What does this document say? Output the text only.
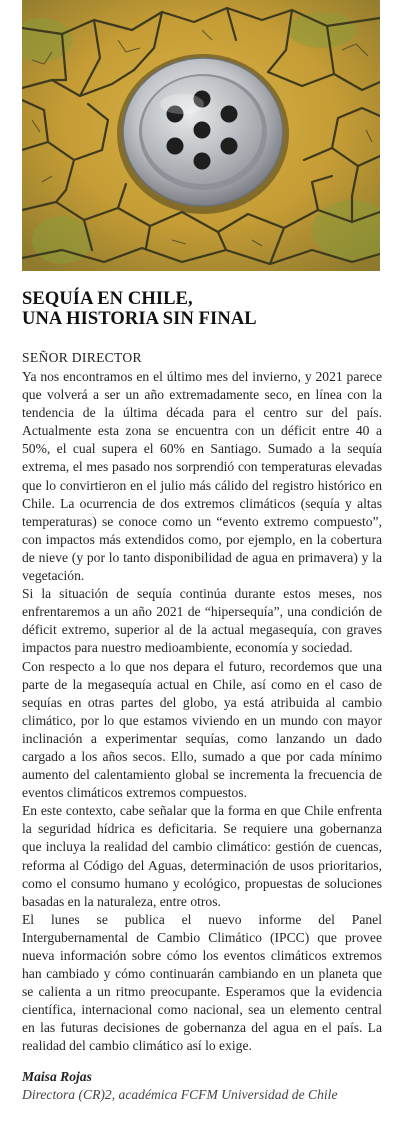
SEQUÍA EN CHILE,
UNA HISTORIA SIN FINAL
SEÑOR DIRECTOR

Ya nos encontramos en el último mes del invierno, y 2021 parece que volverá a ser un año extremadamente seco, en línea con la tendencia de la última década para el centro sur del país. Actualmente esta zona se encuentra con un déficit entre 40 a 50%, el cual supera el 60% en Santiago. Sumado a la sequía extrema, el mes pasado nos sorprendió con temperaturas elevadas que lo convirtieron en el julio más cálido del registro histórico en Chile. La ocurrencia de dos extremos climáticos (sequía y altas temperaturas) se conoce como un “evento extremo compuesto”, con impactos más extendidos como, por ejemplo, en la cobertura de nieve (y por lo tanto disponibilidad de agua en primavera) y la vegetación.

Si la situación de sequía continúa durante estos meses, nos enfrentaremos a un año 2021 de “hipersequía”, una condición de déficit extremo, superior al de la actual megasequía, con graves impactos para nuestro medioambiente, economía y sociedad.

Con respecto a lo que nos depara el futuro, recordemos que una parte de la megasequía actual en Chile, así como en el caso de sequías en otras partes del globo, ya está atribuida al cambio climático, por lo que estamos viviendo en un mundo con mayor inclinación a experimentar sequías, como lanzando un dado cargado a los años secos. Ello, sumado a que por cada mínimo aumento del calentamiento global se incrementa la frecuencia de eventos climáticos extremos compuestos.

En este contexto, cabe señalar que la forma en que Chile enfrenta la seguridad hídrica es deficitaria. Se requiere una gobernanza que incluya la realidad del cambio climático: gestión de cuencas, reforma al Código del Aguas, determinación de usos prioritarios, como el consumo humano y ecológico, propuestas de soluciones basadas en la naturaleza, entre otros.

El lunes se publica el nuevo informe del Panel Intergubernamental de Cambio Climático (IPCC) que provee nueva información sobre cómo los eventos climáticos extremos han cambiado y cómo continuarán cambiando en un planeta que se calienta a un ritmo preocupante. Esperamos que la evidencia científica, internacional como nacional, sea un elemento central en las futuras decisiones de gobernanza del agua en el país. La realidad del cambio climático así lo exige.

Maisa Rojas
Directora (CR)2, académica FCFM Universidad de Chile
